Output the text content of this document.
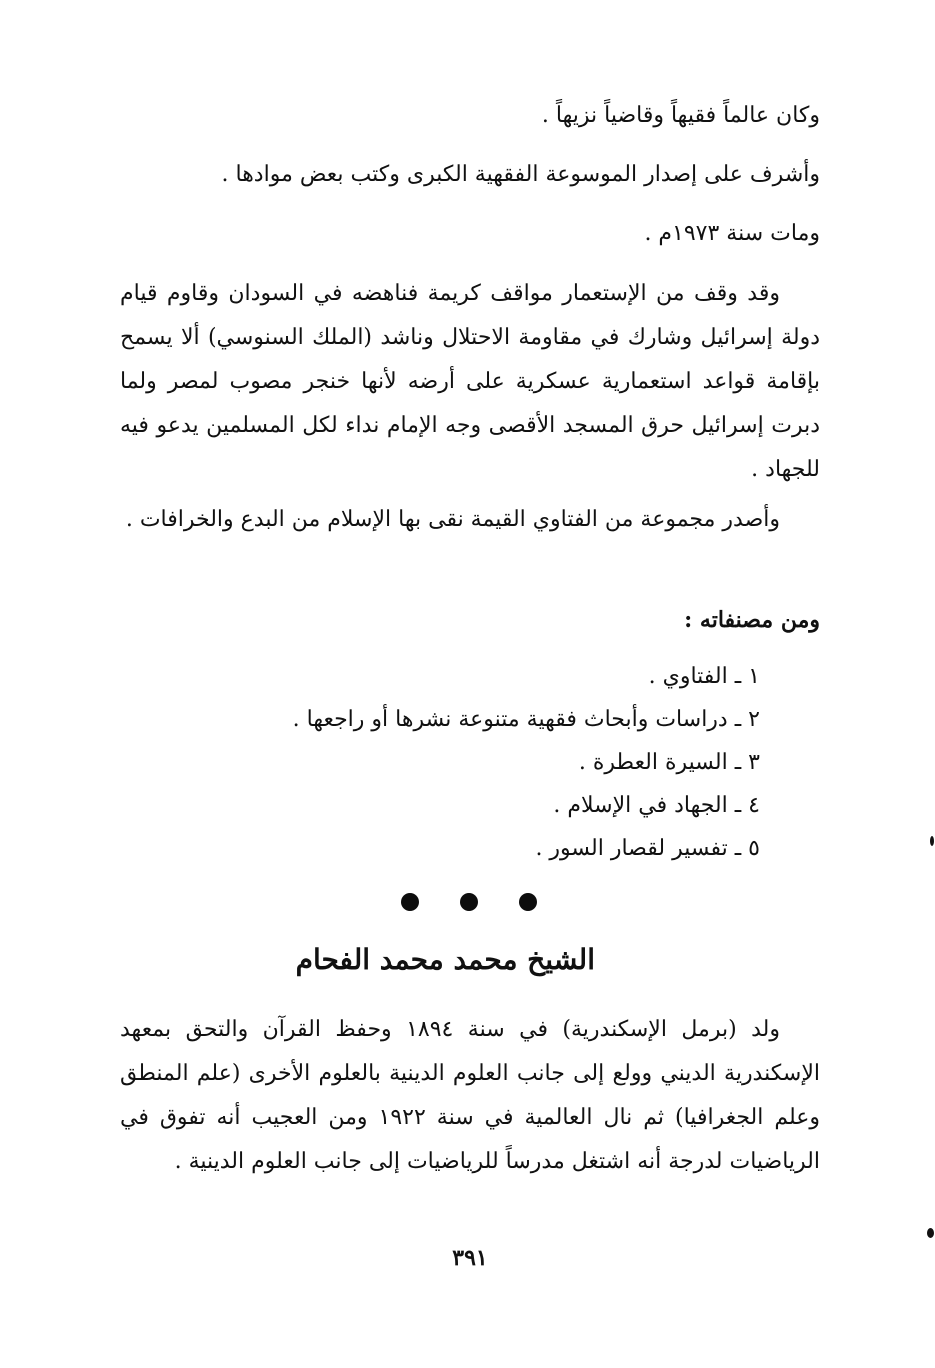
وكان عالماً فقيهاً وقاضياً نزيهاً .
وأشرف على إصدار الموسوعة الفقهية الكبرى وكتب بعض موادها .
ومات سنة ١٩٧٣م .
وقد وقف من الإستعمار مواقف كريمة فناهضه في السودان وقاوم قيام دولة إسرائيل وشارك في مقاومة الاحتلال وناشد (الملك السنوسي) ألا يسمح بإقامة قواعد استعمارية عسكرية على أرضه لأنها خنجر مصوب لمصر ولما دبرت إسرائيل حرق المسجد الأقصى وجه الإمام نداء لكل المسلمين يدعو فيه للجهاد .
وأصدر مجموعة من الفتاوي القيمة نقى بها الإسلام من البدع والخرافات .
ومن مصنفاته :
١ ـ الفتاوي .
٢ ـ دراسات وأبحاث فقهية متنوعة نشرها أو راجعها .
٣ ـ السيرة العطرة .
٤ ـ الجهاد في الإسلام .
٥ ـ تفسير لقصار السور .
الشيخ محمد محمد الفحام
ولد (برمل الإسكندرية) في سنة ١٨٩٤ وحفظ القرآن والتحق بمعهد الإسكندرية الديني وولع إلى جانب العلوم الدينية بالعلوم الأخرى (علم المنطق وعلم الجغرافيا) ثم نال العالمية في سنة ١٩٢٢ ومن العجيب أنه تفوق في الرياضيات لدرجة أنه اشتغل مدرساً للرياضيات إلى جانب العلوم الدينية .
٣٩١
